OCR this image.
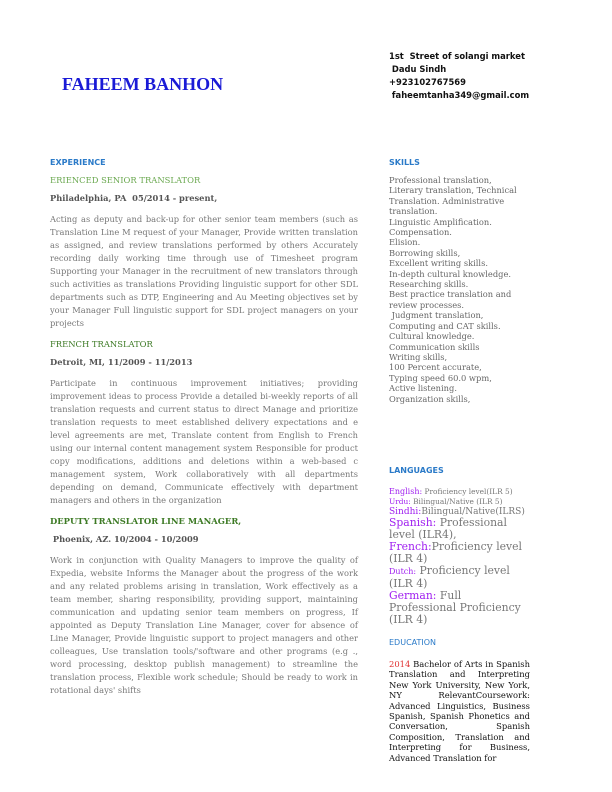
FAHEEM BANHON
1st  Street of solangi market
Dadu Sindh
+923102767569
faheemtanha349@gmail.com
EXPERIENCE
ERIENCED SENIOR TRANSLATOR
Philadelphia, PA  05/2014 - present,
Acting as deputy and back-up for other senior team members (such as Translation Line M request of your Manager, Provide written translation as assigned, and review translations performed by others Accurately recording daily working time through use of Timesheet program Supporting your Manager in the recruitment of new translators through such activities as translations Providing linguistic support for other SDL departments such as DTP, Engineering and Au Meeting objectives set by your Manager Full linguistic support for SDL project managers on your projects
FRENCH TRANSLATOR
Detroit, MI, 11/2009 - 11/2013
Participate in continuous improvement initiatives; providing improvement ideas to process Provide a detailed bi-weekly reports of all translation requests and current status to direct Manage and prioritize translation requests to meet established delivery expectations and e level agreements are met, Translate content from English to French using our internal content management system Responsible for product copy modifications, additions and deletions within a web-based c management system, Work collaboratively with all departments depending on demand, Communicate effectively with department managers and others in the organization
DEPUTY TRANSLATOR LINE MANAGER,
Phoenix, AZ. 10/2004 - 10/2009
Work in conjunction with Quality Managers to improve the quality of Expedia, website Informs the Manager about the progress of the work and any related problems arising in translation, Work effectively as a team member, sharing responsibility, providing support, maintaining communication and updating senior team members on progress, If appointed as Deputy Translation Line Manager, cover for absence of Line Manager, Provide linguistic support to project managers and other colleagues, Use translation tools/'software and other programs (e.g ., word processing, desktop publish management) to streamline the translation process, Flexible work schedule; Should be ready to work in rotational days' shifts
SKILLS
Professional translation,
Literary translation, Technical
Translation. Administrative
translation.
Linguistic Amplification.
Compensation.
Elision.
Borrowing skills,
Excellent writing skills.
In-depth cultural knowledge.
Researching skills.
Best practice translation and
review processes.
Judgment translation,
Computing and CAT skills.
Cultural knowledge.
Communication skills
Writing skills,
100 Percent accurate,
Typing speed 60.0 wpm,
Active listening.
Organization skills,
LANGUAGES
English: Proficiency level(ILR 5)
Urdu: Bilingual/Native (ILR 5)
Sindhi:Bilingual/Native(ILRS)
Spanish: Professional level (ILR4),
French:Proficiency level (ILR 4)
Dutch: Proficiency level (ILR 4)
German: Full Professional Proficiency (ILR 4)
EDUCATION
2014 Bachelor of Arts in Spanish Translation and Interpreting New York University, New York, NY RelevantCoursework: Advanced Linguistics, Business Spanish, Spanish Phonetics and Conversation, Spanish Composition, Translation and Interpreting for Business, Advanced Translation for
